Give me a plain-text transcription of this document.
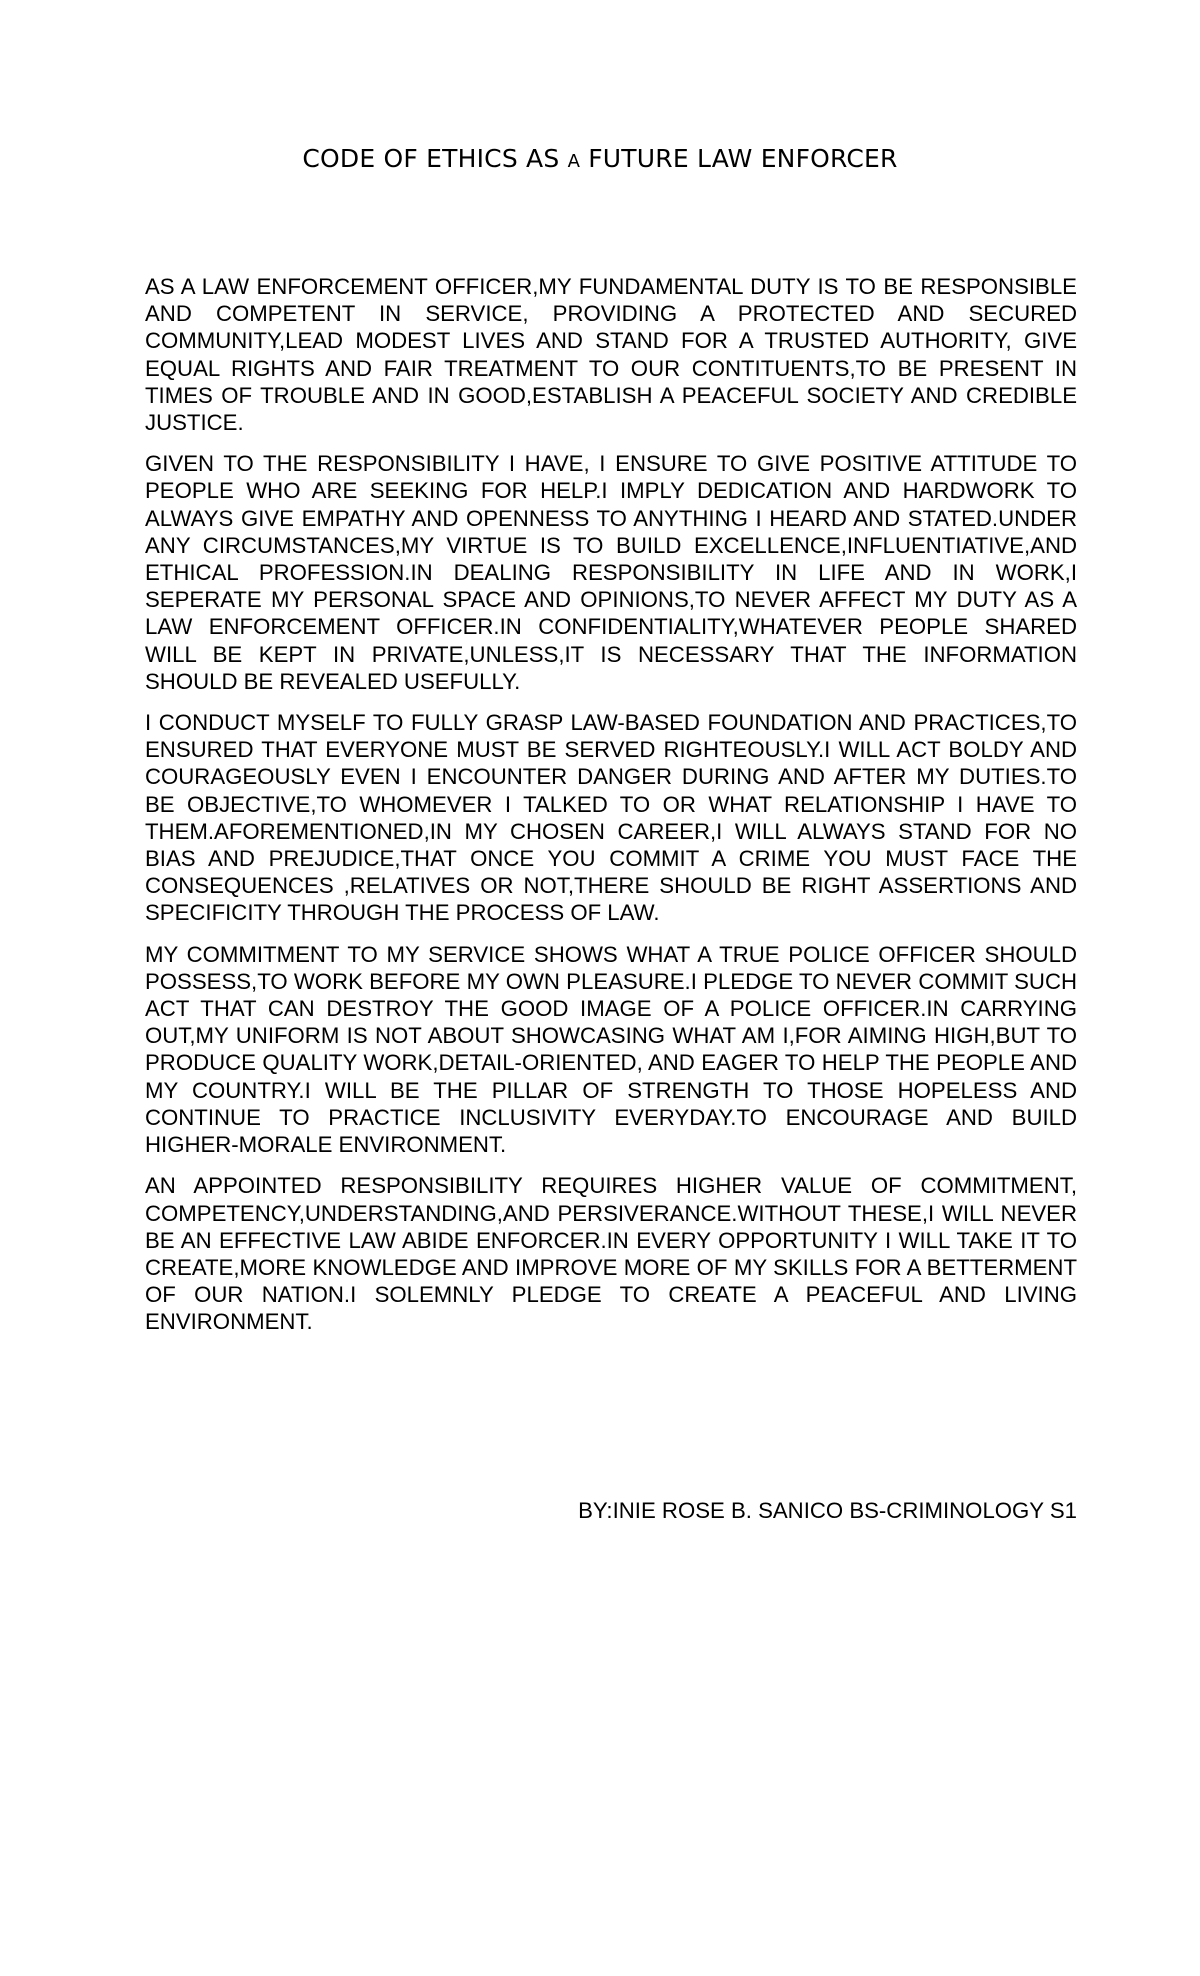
CODE OF ETHICS AS A FUTURE LAW ENFORCER

AS A LAW ENFORCEMENT OFFICER,MY FUNDAMENTAL DUTY IS TO BE RESPONSIBLE AND COMPETENT IN SERVICE, PROVIDING A PROTECTED AND SECURED COMMUNITY,LEAD MODEST LIVES AND STAND FOR A TRUSTED AUTHORITY, GIVE EQUAL RIGHTS AND FAIR TREATMENT TO OUR CONTITUENTS,TO BE PRESENT IN TIMES OF TROUBLE AND IN GOOD,ESTABLISH A PEACEFUL SOCIETY AND CREDIBLE JUSTICE.

GIVEN TO THE RESPONSIBILITY I HAVE, I ENSURE TO GIVE POSITIVE ATTITUDE TO PEOPLE WHO ARE SEEKING FOR HELP.I IMPLY DEDICATION AND HARDWORK TO ALWAYS GIVE EMPATHY AND OPENNESS TO ANYTHING I HEARD AND STATED.UNDER ANY CIRCUMSTANCES,MY VIRTUE IS TO BUILD EXCELLENCE,INFLUENTIATIVE,AND ETHICAL PROFESSION.IN DEALING RESPONSIBILITY IN LIFE AND IN WORK,I SEPERATE MY PERSONAL SPACE AND OPINIONS,TO NEVER AFFECT MY DUTY AS A LAW ENFORCEMENT OFFICER.IN CONFIDENTIALITY,WHATEVER PEOPLE SHARED WILL BE KEPT IN PRIVATE,UNLESS,IT IS NECESSARY THAT THE INFORMATION SHOULD BE REVEALED USEFULLY.

I CONDUCT MYSELF TO FULLY GRASP LAW-BASED FOUNDATION AND PRACTICES,TO ENSURED THAT EVERYONE MUST BE SERVED RIGHTEOUSLY.I WILL ACT BOLDY AND COURAGEOUSLY EVEN I ENCOUNTER DANGER DURING AND AFTER MY DUTIES.TO BE OBJECTIVE,TO WHOMEVER I TALKED TO OR WHAT RELATIONSHIP I HAVE TO THEM.AFOREMENTIONED,IN MY CHOSEN CAREER,I WILL ALWAYS STAND FOR NO BIAS AND PREJUDICE,THAT ONCE YOU COMMIT A CRIME YOU MUST FACE THE CONSEQUENCES ,RELATIVES OR NOT,THERE SHOULD BE RIGHT ASSERTIONS AND SPECIFICITY THROUGH THE PROCESS OF LAW.

MY COMMITMENT TO MY SERVICE SHOWS WHAT A TRUE POLICE OFFICER SHOULD POSSESS,TO WORK BEFORE MY OWN PLEASURE.I PLEDGE TO NEVER COMMIT SUCH ACT THAT CAN DESTROY THE GOOD IMAGE OF A POLICE OFFICER.IN CARRYING OUT,MY UNIFORM IS NOT ABOUT SHOWCASING WHAT AM I,FOR AIMING HIGH,BUT TO PRODUCE QUALITY WORK,DETAIL-ORIENTED, AND EAGER TO HELP THE PEOPLE AND MY COUNTRY.I WILL BE THE PILLAR OF STRENGTH TO THOSE HOPELESS AND CONTINUE TO PRACTICE INCLUSIVITY EVERYDAY.TO ENCOURAGE AND BUILD HIGHER-MORALE ENVIRONMENT.

AN APPOINTED RESPONSIBILITY REQUIRES HIGHER VALUE OF COMMITMENT, COMPETENCY,UNDERSTANDING,AND PERSIVERANCE.WITHOUT THESE,I WILL NEVER BE AN EFFECTIVE LAW ABIDE ENFORCER.IN EVERY OPPORTUNITY I WILL TAKE IT TO CREATE,MORE KNOWLEDGE AND IMPROVE MORE OF MY SKILLS FOR A BETTERMENT OF OUR NATION.I SOLEMNLY PLEDGE TO CREATE A PEACEFUL AND LIVING ENVIRONMENT.

BY:INIE ROSE B. SANICO BS-CRIMINOLOGY S1
